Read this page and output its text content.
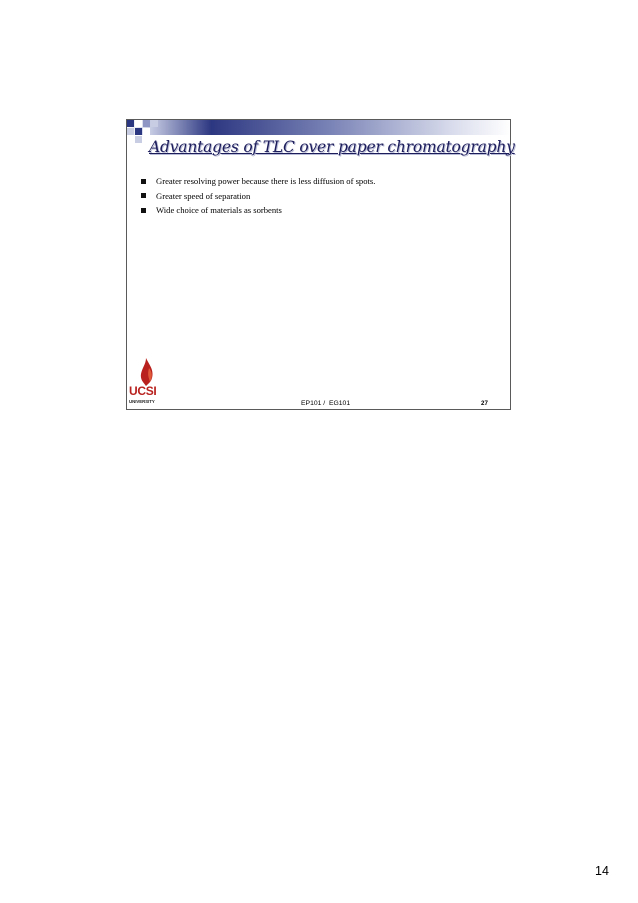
Advantages of TLC over paper chromatography
Greater resolving power because there is less diffusion of spots.
Greater speed of separation
Wide choice of materials as sorbents
UCSI
UNIVERSITY	EP101 /  EG101	27
14
